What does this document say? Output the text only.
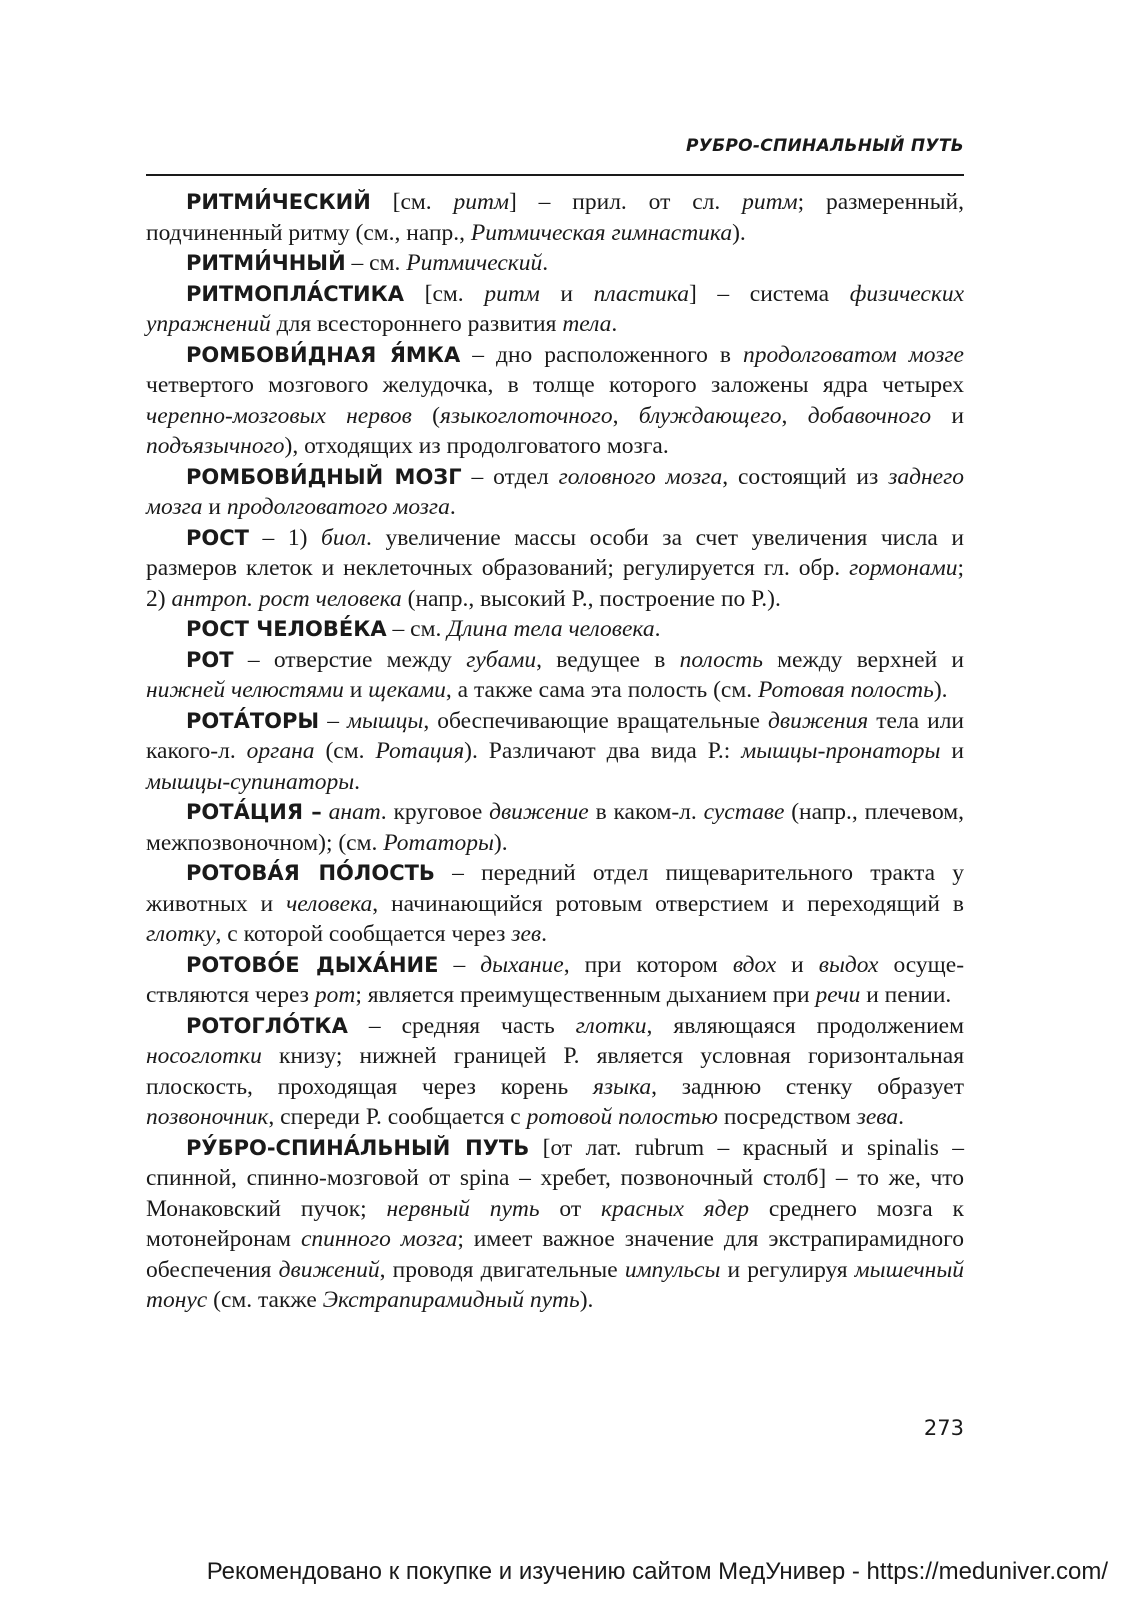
РУБРО-СПИНАЛЬНЫЙ ПУТЬ

РИТМИ́ЧЕСКИЙ [см. ритм] – прил. от сл. ритм; размеренный, подчиненный ритму (см., напр., Ритмическая гимнастика).

РИТМИ́ЧНЫЙ – см. Ритмический.

РИТМОПЛА́СТИКА [см. ритм и пластика] – система физических упражнений для всестороннего развития тела.

РОМБОВИ́ДНАЯ Я́МКА – дно расположенного в продолговатом мозге четвертого мозгового желудочка, в толще которого заложены ядра четырех черепно-мозговых нервов (языкоглоточного, блуждающего, добавочного и подъязычного), отходящих из продолговатого мозга.

РОМБОВИ́ДНЫЙ МОЗГ – отдел головного мозга, состоящий из заднего мозга и продолговатого мозга.

РОСТ – 1) биол. увеличение массы особи за счет увеличения числа и размеров клеток и неклеточных образований; регулируется гл. обр. гормонами; 2) антроп. рост человека (напр., высокий Р., построение по Р.).

РОСТ ЧЕЛОВЕ́КА – см. Длина тела человека.

РОТ – отверстие между губами, ведущее в полость между верхней и нижней челюстями и щеками, а также сама эта полость (см. Ротовая полость).

РОТА́ТОРЫ – мышцы, обеспечивающие вращательные движения тела или какого-л. органа (см. Ротация). Различают два вида Р.: мышцы-пронаторы и мышцы-супинаторы.

РОТА́ЦИЯ – анат. круговое движение в каком-л. суставе (напр., плечевом, межпозвоночном); (см. Ротаторы).

РОТОВА́Я ПО́ЛОСТЬ – передний отдел пищеварительного тракта у животных и человека, начинающийся ротовым отверстием и переходящий в глотку, с которой сообщается через зев.

РОТОВО́Е ДЫХА́НИЕ – дыхание, при котором вдох и выдох осуществляются через рот; является преимущественным дыханием при речи и пении.

РОТОГЛО́ТКА – средняя часть глотки, являющаяся продолжением носоглотки книзу; нижней границей Р. является условная горизонтальная плоскость, проходящая через корень языка, заднюю стенку образует позвоночник, спереди Р. сообщается с ротовой полостью посредством зева.

РУ́БРО-СПИНА́ЛЬНЫЙ ПУТЬ [от лат. rubrum – красный и spinalis – спинной, спинно-мозговой от spina – хребет, позвоночный столб] – то же, что Монаковский пучок; нервный путь от красных ядер среднего мозга к мотонейронам спинного мозга; имеет важное значение для экстрапирамидного обеспечения движений, проводя двигательные импульсы и регулируя мышечный тонус (см. также Экстрапирамидный путь).

273
Рекомендовано к покупке и изучению сайтом МедУнивер - https://meduniver.com/
